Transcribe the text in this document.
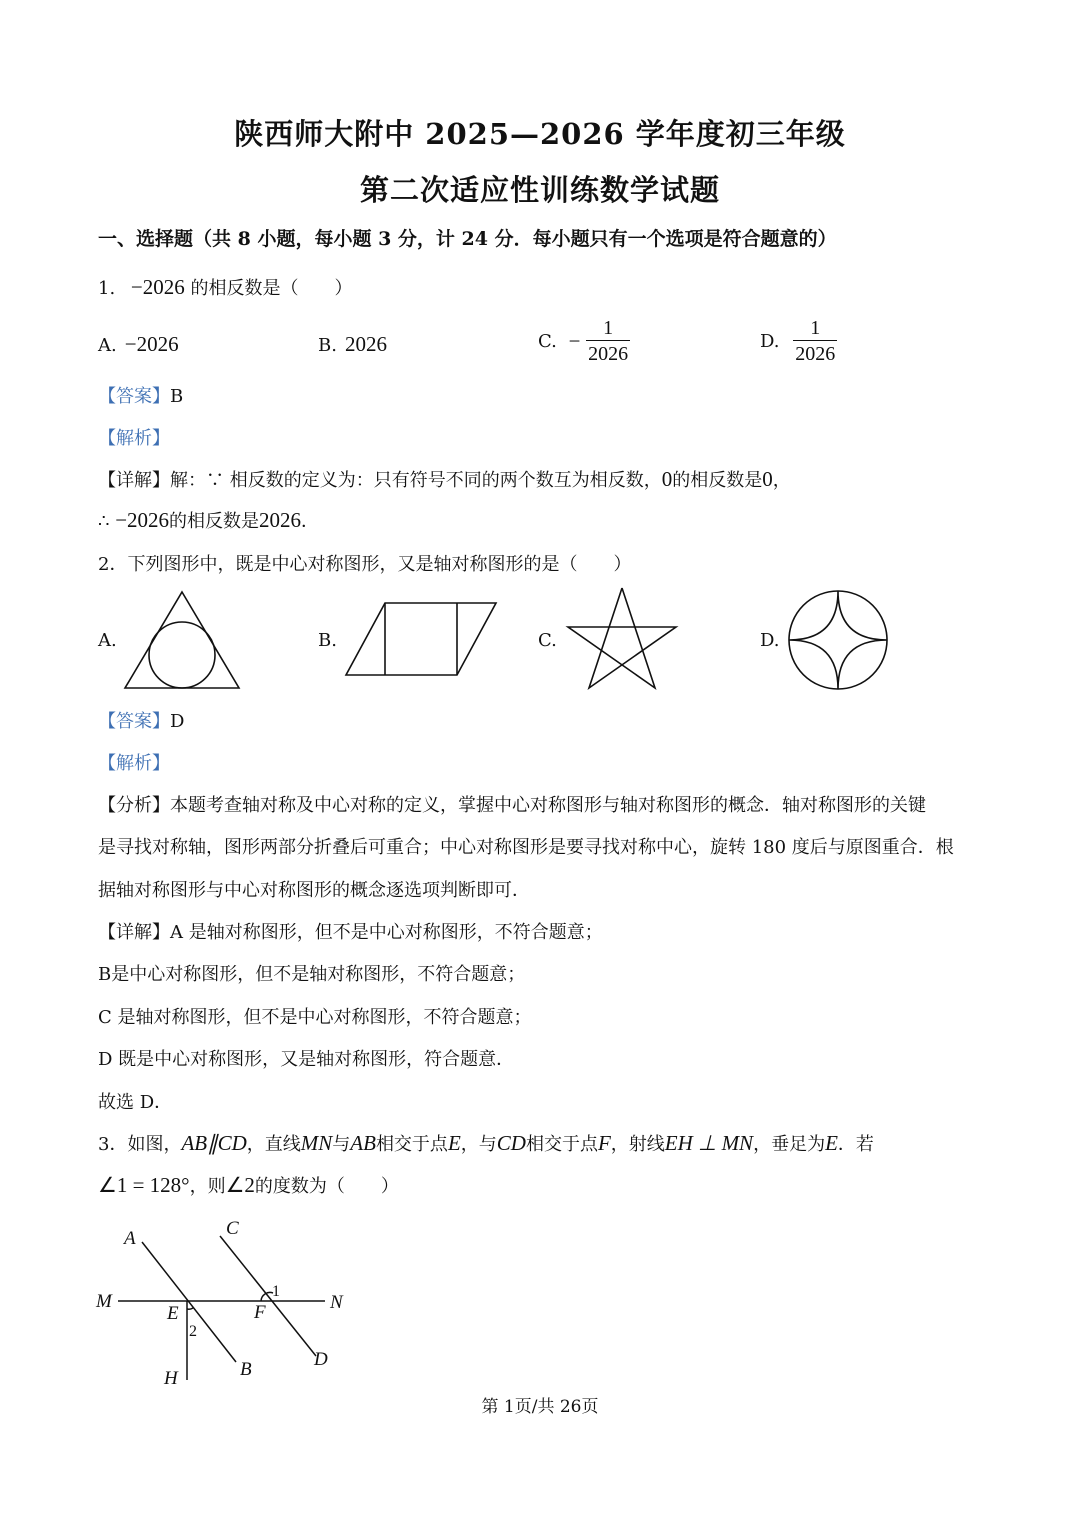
陕西师大附中 2025—2026 学年度初三年级
第二次适应性训练数学试题
一、选择题（共 8 小题，每小题 3 分，计 24 分．每小题只有一个选项是符合题意的）
1. −2026 的相反数是（　　）
A. −2026	B. 2026	C. − $\frac{1}{2026}$	D. $\frac{1}{2026}$
【答案】B
【解析】
【详解】解：∵ 相反数的定义为：只有符号不同的两个数互为相反数，0的相反数是0，
∴ −2026的相反数是2026．
2．下列图形中，既是中心对称图形，又是轴对称图形的是（　　）
A.	B.	C.	D.
【答案】D
【解析】
【分析】本题考查轴对称及中心对称的定义，掌握中心对称图形与轴对称图形的概念．轴对称图形的关键
是寻找对称轴，图形两部分折叠后可重合；中心对称图形是要寻找对称中心，旋转 180 度后与原图重合．根
据轴对称图形与中心对称图形的概念逐选项判断即可．
【详解】A 是轴对称图形，但不是中心对称图形，不符合题意；
B是中心对称图形，但不是轴对称图形，不符合题意；
C 是轴对称图形，但不是中心对称图形，不符合题意；
D 既是中心对称图形，又是轴对称图形，符合题意．
故选 D．
3．如图，AB∥CD，直线MN与AB相交于点E，与CD相交于点F，射线EH ⊥ MN，垂足为E．若
∠1 = 128°，则∠2的度数为（　　）
A
B
C
D
M	N
E	F
H
1
2
第 1页/共 26页
